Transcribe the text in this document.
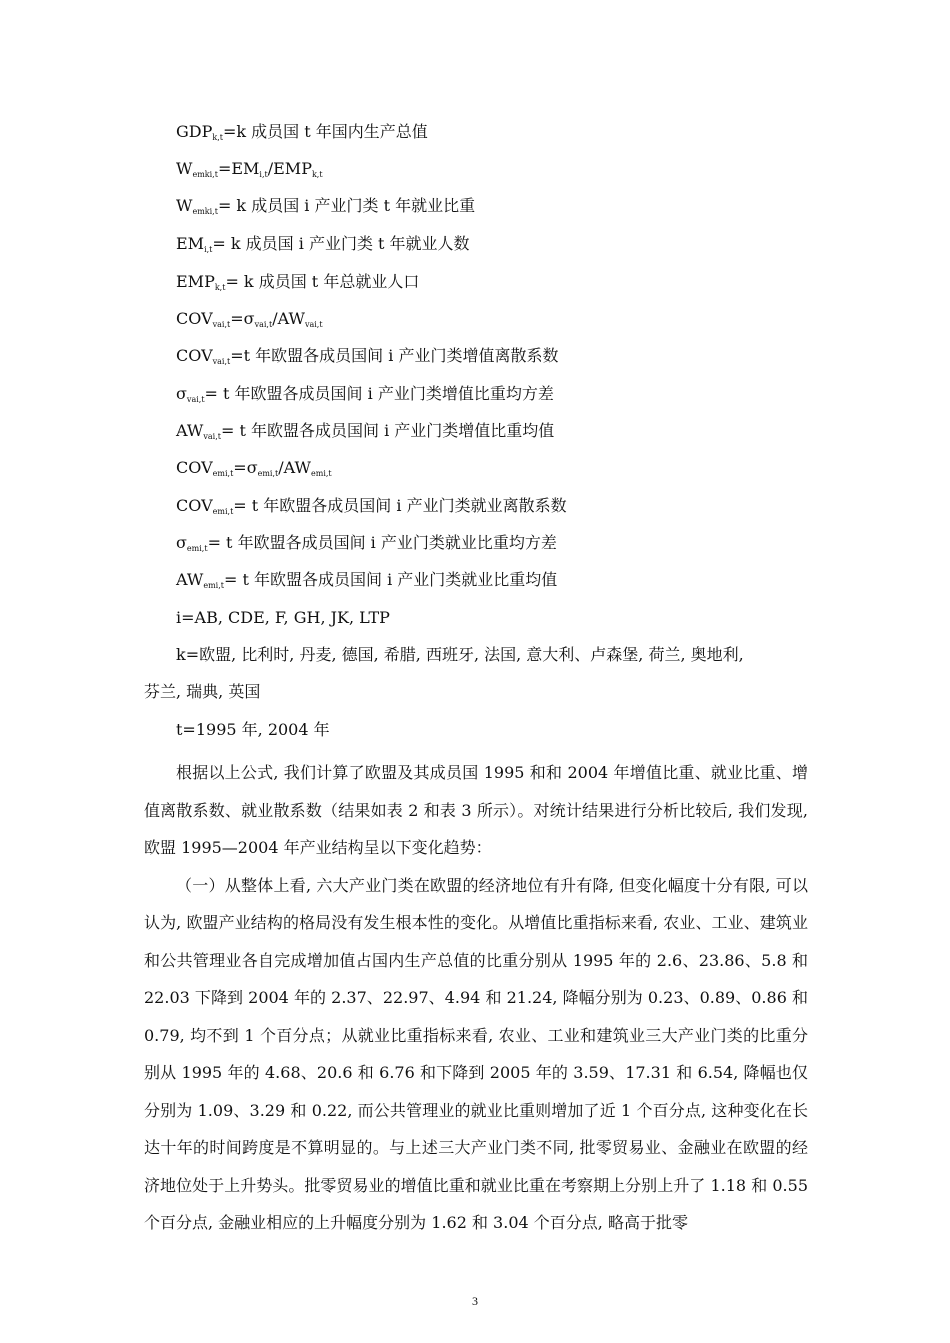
$GDP_{k,t}=k$ 成员国 t 年国内生产总值
$W_{emki,t}=EM_{i,t}/EMP_{k,t}$
$W_{emki,t}= k$ 成员国 i 产业门类 t 年就业比重
$EM_{i,t}= k$ 成员国 i 产业门类 t 年就业人数
$EMP_{k,t}= k$ 成员国 t 年总就业人口
$COV_{vai,t}=\sigma_{vai,t}/AW_{vai,t}$
$COV_{vai,t}=t$ 年欧盟各成员国间 i 产业门类增值离散系数
$\sigma_{vai,t}= t$ 年欧盟各成员国间 i 产业门类增值比重均方差
$AW_{vai,t}= t$ 年欧盟各成员国间 i 产业门类增值比重均值
$COV_{emi,t}=\sigma_{emi,t}/AW_{emi,t}$
$COV_{emi,t}= t$ 年欧盟各成员国间 i 产业门类就业离散系数
$\sigma_{emi,t}= t$ 年欧盟各成员国间 i 产业门类就业比重均方差
$AW_{emi,t}= t$ 年欧盟各成员国间 i 产业门类就业比重均值
i=AB, CDE, F, GH, JK, LTP
k=欧盟, 比利时, 丹麦, 德国, 希腊, 西班牙, 法国, 意大利、卢森堡, 荷兰, 奥地利,
芬兰, 瑞典, 英国
t=1995 年, 2004 年

根据以上公式, 我们计算了欧盟及其成员国 1995 和和 2004 年增值比重、就业比重、增值离散系数、就业散系数（结果如表 2 和表 3 所示）。对统计结果进行分析比较后, 我们发现, 欧盟 1995—2004 年产业结构呈以下变化趋势：

（一）从整体上看, 六大产业门类在欧盟的经济地位有升有降, 但变化幅度十分有限, 可以认为, 欧盟产业结构的格局没有发生根本性的变化。从增值比重指标来看, 农业、工业、建筑业和公共管理业各自完成增加值占国内生产总值的比重分别从 1995 年的 2.6、23.86、5.8 和 22.03 下降到 2004 年的 2.37、22.97、4.94 和 21.24, 降幅分别为 0.23、0.89、0.86 和 0.79, 均不到 1 个百分点；从就业比重指标来看, 农业、工业和建筑业三大产业门类的比重分别从 1995 年的 4.68、20.6 和 6.76 和下降到 2005 年的 3.59、17.31 和 6.54, 降幅也仅分别为 1.09、3.29 和 0.22, 而公共管理业的就业比重则增加了近 1 个百分点, 这种变化在长达十年的时间跨度是不算明显的。与上述三大产业门类不同, 批零贸易业、金融业在欧盟的经济地位处于上升势头。批零贸易业的增值比重和就业比重在考察期上分别上升了 1.18 和 0.55 个百分点, 金融业相应的上升幅度分别为 1.62 和 3.04 个百分点, 略高于批零

3
